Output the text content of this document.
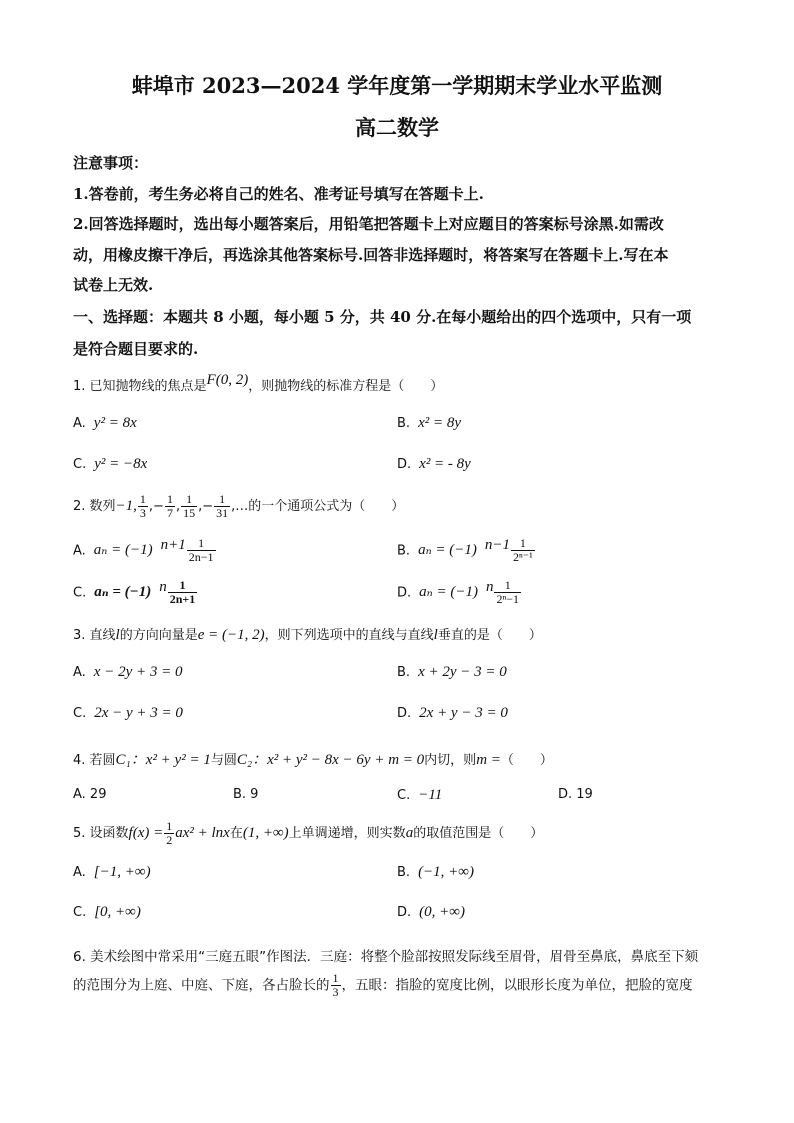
蚌埠市 2023—2024 学年度第一学期期末学业水平监测
高二数学
注意事项：
1.答卷前，考生务必将自己的姓名、准考证号填写在答题卡上.
2.回答选择题时，选出每小题答案后，用铅笔把答题卡上对应题目的答案标号涂黑.如需改
动，用橡皮擦干净后，再选涂其他答案标号.回答非选择题时，将答案写在答题卡上.写在本
试卷上无效.
一、选择题：本题共 8 小题，每小题 5 分，共 40 分.在每小题给出的四个选项中，只有一项
是符合题目要求的.
1. 已知抛物线的焦点是F(0, 2)，则抛物线的标准方程是（　　）
A. y² = 8x	B. x² = 8y
C. y² = −8x	D. x² = - 8y
2. 数列−1, $\frac{1}{3}$ ,− $\frac{1}{7}$ , $\frac{1}{15}$ ,− $\frac{1}{31}$ ,…的一个通项公式为（　　）
A. aₙ = (−1) $^{n+1} \frac{1}{2n-1}$	B. aₙ = (−1) $^{n-1} \frac{1}{\text{2ⁿ⁻¹}}$
C. aₙ = (−1) $^n \frac{1}{2n+1}$	D. aₙ = (−1) $^n \frac{1}{\text{2ⁿ−1}}$
3. 直线l的方向向量是e = (−1, 2)，则下列选项中的直线与直线l垂直的是（　　）
A. x − 2y + 3 = 0	B. x + 2y − 3 = 0
C. 2x − y + 3 = 0	D. 2x + y − 3 = 0
4. 若圆C₁：x² + y² = 1与圆C₂：x² + y² − 8x − 6y + m = 0内切，则m =（　　）
A. 29	B. 9	C. −11	D. 19
5. 设函数$f(x) = \frac{1}{2} ax^2 + \ln x$在(1, +∞)上单调递增，则实数a的取值范围是（　　）
A. [−1, +∞)	B. (−1, +∞)
C. [0, +∞)	D. (0, +∞)
6. 美术绘图中常采用“三庭五眼”作图法．三庭：将整个脸部按照发际线至眉骨，眉骨至鼻底，鼻底至下颏
的范围分为上庭、中庭、下庭，各占脸长的 $\frac{1}{3}$ ，五眼：指脸的宽度比例，以眼形长度为单位，把脸的宽度
